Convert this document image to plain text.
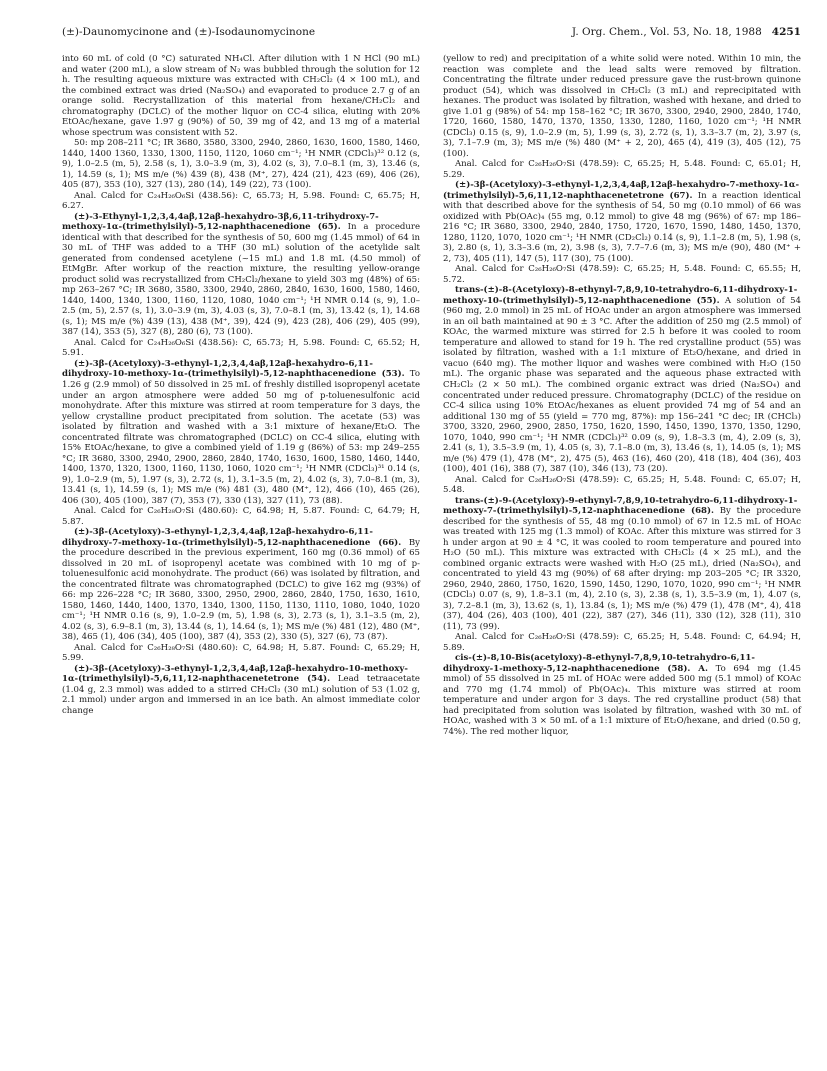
(±)-Daunomycinone and (±)-Isodaunomycinone	J. Org. Chem., Vol. 53, No. 18, 1988 4251

into 60 mL of cold (0 °C) saturated NH₄Cl. After dilution with 1 N HCl (90 mL) and water (200 mL), a slow stream of N₂ was bubbled through the solution for 12 h. The resulting aqueous mixture was extracted with CH₂Cl₂ (4 × 100 mL), and the combined extract was dried (Na₂SO₄) and evaporated to produce 2.7 g of an orange solid. Recrystallization of this material from hexane/CH₂Cl₂ and chromatography (DCLC) of the mother liquor on CC-4 silica, eluting with 20% EtOAc/hexane, gave 1.97 g (90%) of 50, 39 mg of 42, and 13 mg of a material whose spectrum was consistent with 52.

50: mp 208–211 °C; IR 3680, 3580, 3300, 2940, 2860, 1630, 1600, 1580, 1460, 1440, 1400 1360, 1330, 1300, 1150, 1120, 1060 cm⁻¹; ¹H NMR (CDCl₃)³² 0.12 (s, 9), 1.0–2.5 (m, 5), 2.58 (s, 1), 3.0–3.9 (m, 3), 4.02 (s, 3), 7.0–8.1 (m, 3), 13.46 (s, 1), 14.59 (s, 1); MS m/e (%) 439 (8), 438 (M⁺, 27), 424 (21), 423 (69), 406 (26), 405 (87), 353 (10), 327 (13), 280 (14), 149 (22), 73 (100).

Anal. Calcd for C₂₄H₂₆O₆Si (438.56): C, 65.73; H, 5.98. Found: C, 65.75; H, 6.27.

(±)-3-Ethynyl-1,2,3,4,4aβ,12aβ-hexahydro-3β,6,11-trihydroxy-7-methoxy-1α-(trimethylsilyl)-5,12-naphthacenedione (65). In a procedure identical with that described for the synthesis of 50, 600 mg (1.45 mmol) of 64 in 30 mL of THF was added to a THF (30 mL) solution of the acetylide salt generated from condensed acetylene (~15 mL) and 1.8 mL (4.50 mmol) of EtMgBr. After workup of the reaction mixture, the resulting yellow-orange product solid was recrystallized from CH₂Cl₂/hexane to yield 303 mg (48%) of 65: mp 263–267 °C; IR 3680, 3580, 3300, 2940, 2860, 2840, 1630, 1600, 1580, 1460, 1440, 1400, 1340, 1300, 1160, 1120, 1080, 1040 cm⁻¹; ¹H NMR 0.14 (s, 9), 1.0–2.5 (m, 5), 2.57 (s, 1), 3.0–3.9 (m, 3), 4.03 (s, 3), 7.0–8.1 (m, 3), 13.42 (s, 1), 14.68 (s, 1); MS m/e (%) 439 (13), 438 (M⁺, 39), 424 (9), 423 (28), 406 (29), 405 (99), 387 (14), 353 (5), 327 (8), 280 (6), 73 (100).

Anal. Calcd for C₂₄H₂₆O₆Si (438.56): C, 65.73; H, 5.98. Found: C, 65.52; H, 5.91.

(±)-3β-(Acetyloxy)-3-ethynyl-1,2,3,4,4aβ,12aβ-hexahydro-6,11-dihydroxy-10-methoxy-1α-(trimethylsilyl)-5,12-naphthacenedione (53). To 1.26 g (2.9 mmol) of 50 dissolved in 25 mL of freshly distilled isopropenyl acetate under an argon atmosphere were added 50 mg of p-toluenesulfonic acid monohydrate. After this mixture was stirred at room temperature for 3 days, the yellow crystalline product precipitated from solution. The acetate (53) was isolated by filtration and washed with a 3:1 mixture of hexane/Et₂O. The concentrated filtrate was chromatographed (DCLC) on CC-4 silica, eluting with 15% EtOAc/hexane, to give a combined yield of 1.19 g (86%) of 53: mp 249–255 °C; IR 3680, 3300, 2940, 2900, 2860, 2840, 1740, 1630, 1600, 1580, 1460, 1440, 1400, 1370, 1320, 1300, 1160, 1130, 1060, 1020 cm⁻¹; ¹H NMR (CDCl₃)³¹ 0.14 (s, 9), 1.0–2.9 (m, 5), 1.97 (s, 3), 2.72 (s, 1), 3.1–3.5 (m, 2), 4.02 (s, 3), 7.0–8.1 (m, 3), 13.41 (s, 1), 14.59 (s, 1); MS m/e (%) 481 (3), 480 (M⁺, 12), 466 (10), 465 (26), 406 (30), 405 (100), 387 (7), 353 (7), 330 (13), 327 (11), 73 (88).

Anal. Calcd for C₂₆H₂₈O₇Si (480.60): C, 64.98; H, 5.87. Found: C, 64.79; H, 5.87.

(±)-3β-(Acetyloxy)-3-ethynyl-1,2,3,4,4aβ,12aβ-hexahydro-6,11-dihydroxy-7-methoxy-1α-(trimethylsilyl)-5,12-naphthacenedione (66). By the procedure described in the previous experiment, 160 mg (0.36 mmol) of 65 dissolved in 20 mL of isopropenyl acetate was combined with 10 mg of p-toluenesulfonic acid monohydrate. The product (66) was isolated by filtration, and the concentrated filtrate was chromatographed (DCLC) to give 162 mg (93%) of 66: mp 226–228 °C; IR 3680, 3300, 2950, 2900, 2860, 2840, 1750, 1630, 1610, 1580, 1460, 1440, 1400, 1370, 1340, 1300, 1150, 1130, 1110, 1080, 1040, 1020 cm⁻¹; ¹H NMR 0.16 (s, 9), 1.0–2.9 (m, 5), 1.98 (s, 3), 2.73 (s, 1), 3.1–3.5 (m, 2), 4.02 (s, 3), 6.9–8.1 (m, 3), 13.44 (s, 1), 14.64 (s, 1); MS m/e (%) 481 (12), 480 (M⁺, 38), 465 (1), 406 (34), 405 (100), 387 (4), 353 (2), 330 (5), 327 (6), 73 (87).

Anal. Calcd for C₂₆H₂₈O₇Si (480.60): C, 64.98; H, 5.87. Found: C, 65.29; H, 5.99.

(±)-3β-(Acetyloxy)-3-ethynyl-1,2,3,4,4aβ,12aβ-hexahydro-10-methoxy-1α-(trimethylsilyl)-5,6,11,12-naphthacenetetrone (54). Lead tetraacetate (1.04 g, 2.3 mmol) was added to a stirred CH₂Cl₂ (30 mL) solution of 53 (1.02 g, 2.1 mmol) under argon and immersed in an ice bath. An almost immediate color change

(yellow to red) and precipitation of a white solid were noted. Within 10 min, the reaction was complete and the lead salts were removed by filtration. Concentrating the filtrate under reduced pressure gave the rust-brown quinone product (54), which was dissolved in CH₂Cl₂ (3 mL) and reprecipitated with hexanes. The product was isolated by filtration, washed with hexane, and dried to give 1.01 g (98%) of 54: mp 158–162 °C; IR 3670, 3300, 2940, 2900, 2840, 1740, 1720, 1660, 1580, 1470, 1370, 1350, 1330, 1280, 1160, 1020 cm⁻¹; ¹H NMR (CDCl₃) 0.15 (s, 9), 1.0–2.9 (m, 5), 1.99 (s, 3), 2.72 (s, 1), 3.3–3.7 (m, 2), 3.97 (s, 3), 7.1–7.9 (m, 3); MS m/e (%) 480 (M⁺ + 2, 20), 465 (4), 419 (3), 405 (12), 75 (100).

Anal. Calcd for C₂₆H₂₆O₇Si (478.59): C, 65.25; H, 5.48. Found: C, 65.01; H, 5.29.

(±)-3β-(Acetyloxy)-3-ethynyl-1,2,3,4,4aβ,12aβ-hexahydro-7-methoxy-1α-(trimethylsilyl)-5,6,11,12-naphthacenetetrone (67). In a reaction identical with that described above for the synthesis of 54, 50 mg (0.10 mmol) of 66 was oxidized with Pb(OAc)₄ (55 mg, 0.12 mmol) to give 48 mg (96%) of 67: mp 186–216 °C; IR 3680, 3300, 2940, 2840, 1750, 1720, 1670, 1590, 1480, 1450, 1370, 1280, 1120, 1070, 1020 cm⁻¹; ¹H NMR (CD₂Cl₂) 0.14 (s, 9), 1.1–2.8 (m, 5), 1.98 (s, 3), 2.80 (s, 1), 3.3–3.6 (m, 2), 3.98 (s, 3), 7.7–7.6 (m, 3); MS m/e (90), 480 (M⁺ + 2, 73), 405 (11), 147 (5), 117 (30), 75 (100).

Anal. Calcd for C₂₆H₂₆O₇Si (478.59): C, 65.25; H, 5.48. Found: C, 65.55; H, 5.72.

trans-(±)-8-(Acetyloxy)-8-ethynyl-7,8,9,10-tetrahydro-6,11-dihydroxy-1-methoxy-10-(trimethylsilyl)-5,12-naphthacenedione (55). A solution of 54 (960 mg, 2.0 mmol) in 25 mL of HOAc under an argon atmosphere was immersed in an oil bath maintained at 90 ± 3 °C. After the addition of 250 mg (2.5 mmol) of KOAc, the warmed mixture was stirred for 2.5 h before it was cooled to room temperature and allowed to stand for 19 h. The red crystalline product (55) was isolated by filtration, washed with a 1:1 mixture of Et₂O/hexane, and dried in vacuo (640 mg). The mother liquor and washes were combined with H₂O (150 mL). The organic phase was separated and the aqueous phase extracted with CH₂Cl₂ (2 × 50 mL). The combined organic extract was dried (Na₂SO₄) and concentrated under reduced pressure. Chromatography (DCLC) of the residue on CC-4 silica using 10% EtOAc/hexanes as eluent provided 74 mg of 54 and an additional 130 mg of 55 (yield = 770 mg, 87%): mp 156–241 °C dec; IR (CHCl₃) 3700, 3320, 2960, 2900, 2850, 1750, 1620, 1590, 1450, 1390, 1370, 1350, 1290, 1070, 1040, 990 cm⁻¹; ¹H NMR (CDCl₃)³² 0.09 (s, 9), 1.8–3.3 (m, 4), 2.09 (s, 3), 2.41 (s, 1), 3.5–3.9 (m, 1), 4.05 (s, 3), 7.1–8.0 (m, 3), 13.46 (s, 1), 14.05 (s, 1); MS m/e (%) 479 (1), 478 (M⁺, 2), 475 (5), 463 (16), 460 (20), 418 (18), 404 (36), 403 (100), 401 (16), 388 (7), 387 (10), 346 (13), 73 (20).

Anal. Calcd for C₂₆H₂₆O₇Si (478.59): C, 65.25; H, 5.48. Found: C, 65.07; H, 5.48.

trans-(±)-9-(Acetyloxy)-9-ethynyl-7,8,9,10-tetrahydro-6,11-dihydroxy-1-methoxy-7-(trimethylsilyl)-5,12-naphthacenedione (68). By the procedure described for the synthesis of 55, 48 mg (0.10 mmol) of 67 in 12.5 mL of HOAc was treated with 125 mg (1.3 mmol) of KOAc. After this mixture was stirred for 3 h under argon at 90 ± 4 °C, it was cooled to room temperature and poured into H₂O (50 mL). This mixture was extracted with CH₂Cl₂ (4 × 25 mL), and the combined organic extracts were washed with H₂O (25 mL), dried (Na₂SO₄), and concentrated to yield 43 mg (90%) of 68 after drying: mp 203–205 °C; IR 3320, 2960, 2940, 2860, 1750, 1620, 1590, 1450, 1290, 1070, 1020, 990 cm⁻¹; ¹H NMR (CDCl₃) 0.07 (s, 9), 1.8–3.1 (m, 4), 2.10 (s, 3), 2.38 (s, 1), 3.5–3.9 (m, 1), 4.07 (s, 3), 7.2–8.1 (m, 3), 13.62 (s, 1), 13.84 (s, 1); MS m/e (%) 479 (1), 478 (M⁺, 4), 418 (37), 404 (26), 403 (100), 401 (22), 387 (27), 346 (11), 330 (12), 328 (11), 310 (11), 73 (99).

Anal. Calcd for C₂₆H₂₆O₇Si (478.59): C, 65.25; H, 5.48. Found: C, 64.94; H, 5.89.

cis-(±)-8,10-Bis(acetyloxy)-8-ethynyl-7,8,9,10-tetrahydro-6,11-dihydroxy-1-methoxy-5,12-naphthacenedione (58). A. To 694 mg (1.45 mmol) of 55 dissolved in 25 mL of HOAc were added 500 mg (5.1 mmol) of KOAc and 770 mg (1.74 mmol) of Pb(OAc)₄. This mixture was stirred at room temperature and under argon for 3 days. The red crystalline product (58) that had precipitated from solution was isolated by filtration, washed with 30 mL of HOAc, washed with 3 × 50 mL of a 1:1 mixture of Et₂O/hexane, and dried (0.50 g, 74%). The red mother liquor,
